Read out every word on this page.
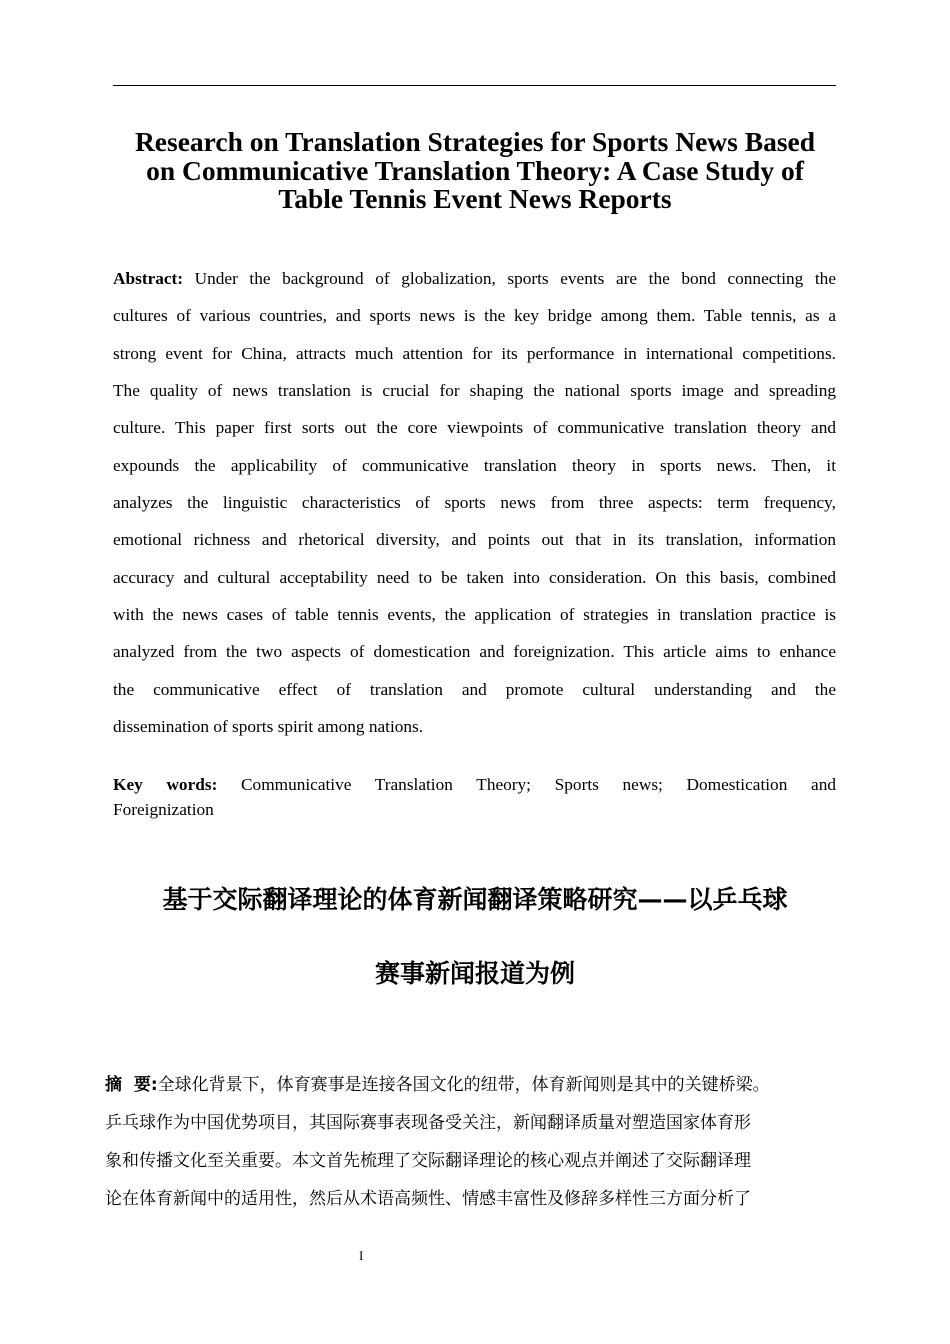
Research on Translation Strategies for Sports News Based
on Communicative Translation Theory: A Case Study of
Table Tennis Event News Reports
Abstract: Under the background of globalization, sports events are the bond connecting the
cultures of various countries, and sports news is the key bridge among them. Table tennis, as a
strong event for China, attracts much attention for its performance in international competitions.
The quality of news translation is crucial for shaping the national sports image and spreading
culture. This paper first sorts out the core viewpoints of communicative translation theory and
expounds the applicability of communicative translation theory in sports news. Then, it
analyzes the linguistic characteristics of sports news from three aspects: term frequency,
emotional richness and rhetorical diversity, and points out that in its translation, information
accuracy and cultural acceptability need to be taken into consideration. On this basis, combined
with the news cases of table tennis events, the application of strategies in translation practice is
analyzed from the two aspects of domestication and foreignization. This article aims to enhance
the communicative effect of translation and promote cultural understanding and the
dissemination of sports spirit among nations.
Key words: Communicative Translation Theory; Sports news; Domestication and
Foreignization
基于交际翻译理论的体育新闻翻译策略研究——以乒乓球
赛事新闻报道为例
摘  要:全球化背景下，体育赛事是连接各国文化的纽带，体育新闻则是其中的关键桥梁。
乒乓球作为中国优势项目，其国际赛事表现备受关注，新闻翻译质量对塑造国家体育形
象和传播文化至关重要。本文首先梳理了交际翻译理论的核心观点并阐述了交际翻译理
论在体育新闻中的适用性，然后从术语高频性、情感丰富性及修辞多样性三方面分析了
I
